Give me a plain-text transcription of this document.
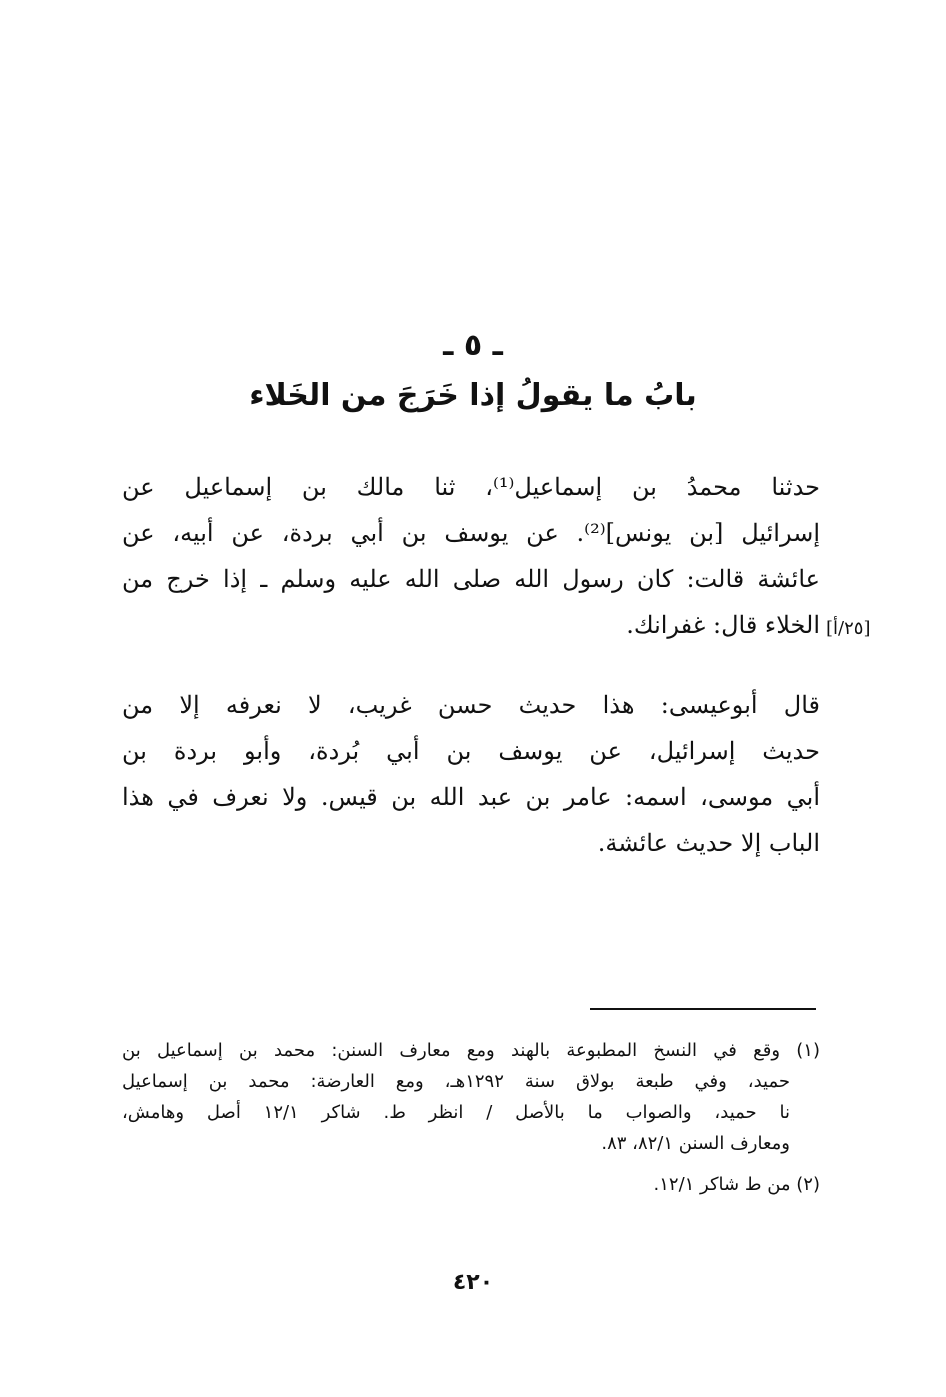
ـ ٥ ـ
بابُ ما يقولُ إذا خَرَجَ من الخَلاء
حدثنا محمدُ بن إسماعيل⁽¹⁾، ثنا مالك بن إسماعيل عن
إسرائيل [بن يونس]⁽²⁾. عن يوسف بن أبي بردة، عن أبيه، عن
عائشة قالت: كان رسول الله صلى الله عليه وسلم ـ إذا خرج من
الخلاء قال: غفرانك. [٢٥/أ]
قال أبوعيسى: هذا حديث حسن غريب، لا نعرفه إلا من
حديث إسرائيل، عن يوسف بن أبي بُردة، وأبو بردة بن
أبي موسى، اسمه: عامر بن عبد الله بن قيس. ولا نعرف في هذا
الباب إلا حديث عائشة.
(١) وقع في النسخ المطبوعة بالهند ومع معارف السنن: محمد بن إسماعيل بن
حميد، وفي طبعة بولاق سنة ١٢٩٢هـ، ومع العارضة: محمد بن إسماعيل
نا حميد، والصواب ما بالأصل / انظر ط. شاكر ١٢/١ أصل وهامش،
ومعارف السنن ٨٢/١، ٨٣.
(٢) من ط شاكر ١٢/١.
٤٢٠
